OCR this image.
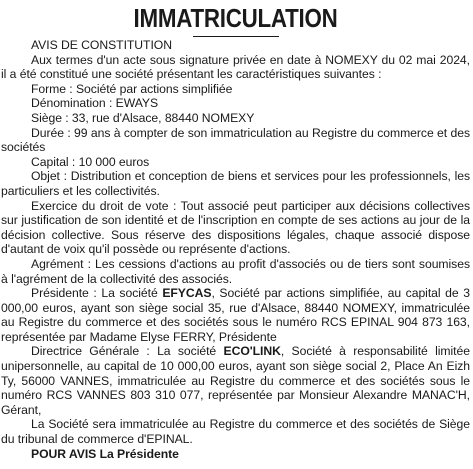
IMMATRICULATION

AVIS DE CONSTITUTION

Aux termes d'un acte sous signature privée en date à NOMEXY du 02 mai 2024, il a été constitué une société présentant les caractéristiques suivantes :

Forme : Société par actions simplifiée

Dénomination : EWAYS

Siège : 33, rue d'Alsace, 88440 NOMEXY

Durée : 99 ans à compter de son immatriculation au Registre du commerce et des sociétés

Capital : 10 000 euros

Objet : Distribution et conception de biens et services pour les professionnels, les particuliers et les collectivités.

Exercice du droit de vote : Tout associé peut participer aux décisions collectives sur justification de son identité et de l'inscription en compte de ses actions au jour de la décision collective. Sous réserve des dispositions légales, chaque associé dispose d'autant de voix qu'il possède ou représente d'actions.

Agrément : Les cessions d'actions au profit d'associés ou de tiers sont soumises à l'agrément de la collectivité des associés.

Présidente : La société EFYCAS, Société par actions simplifiée, au capital de 3 000,00 euros, ayant son siège social 35, rue d'Alsace, 88440 NOMEXY, immatriculée au Registre du commerce et des sociétés sous le numéro RCS EPINAL 904 873 163, représentée par Madame Elyse FERRY, Présidente

Directrice Générale : La société ECO'LINK, Société à responsabilité limitée unipersonnelle, au capital de 10 000,00 euros, ayant son siège social 2, Place An Eizh Ty, 56000 VANNES, immatriculée au Registre du commerce et des sociétés sous le numéro RCS VANNES 803 310 077, représentée par Monsieur Alexandre MANAC'H, Gérant,

La Société sera immatriculée au Registre du commerce et des sociétés de Siège du tribunal de commerce d'EPINAL.

POUR AVIS La Présidente
